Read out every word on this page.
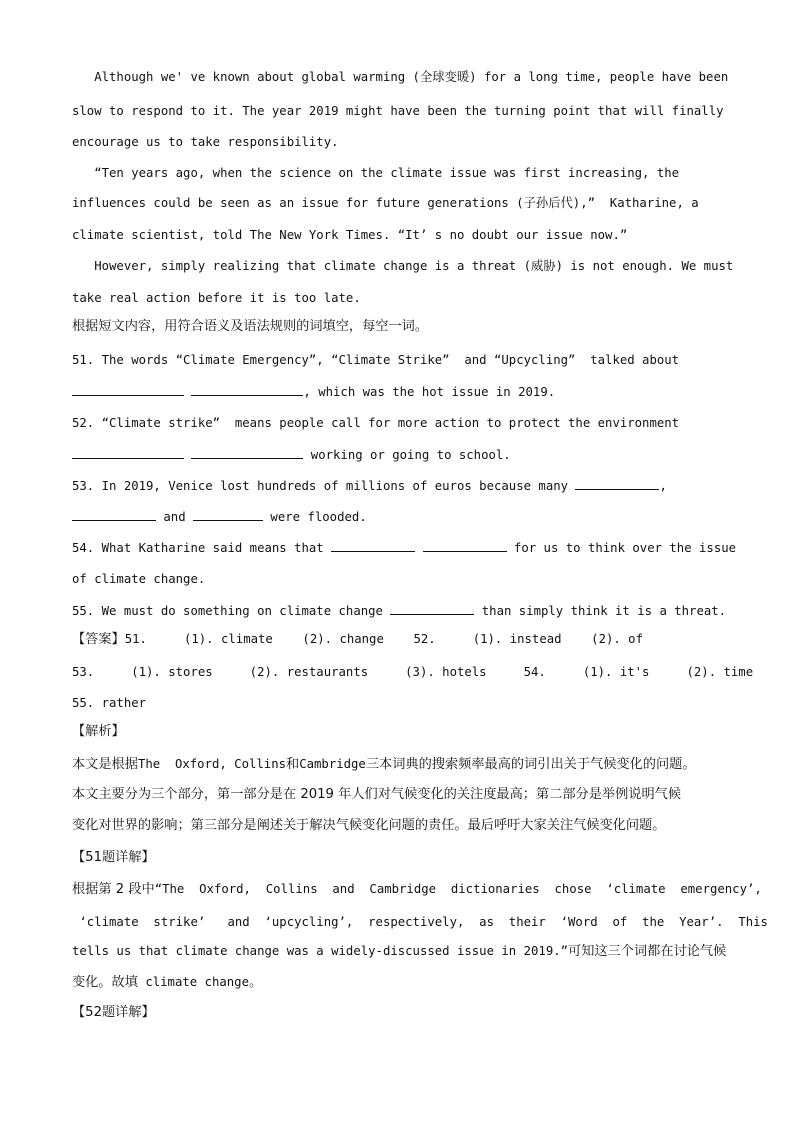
Although we' ve known about global warming (全球变暖) for a long time, people have been
slow to respond to it. The year 2019 might have been the turning point that will finally
encourage us to take responsibility.
“Ten years ago, when the science on the climate issue was first increasing, the
influences could be seen as an issue for future generations (子孙后代),”  Katharine, a
climate scientist, told The New York Times. “It’ s no doubt our issue now.”
However, simply realizing that climate change is a threat (威胁) is not enough. We must
take real action before it is too late.
根据短文内容，用符合语义及语法规则的词填空，每空一词。
51. The words “Climate Emergency”, “Climate Strike”  and “Upcycling”  talked about
, which was the hot issue in 2019.
52. “Climate strike”  means people call for more action to protect the environment
working or going to school.
53. In 2019, Venice lost hundreds of millions of euros because many	,
and	were flooded.
54. What Katharine said means that	for us to think over the issue
of climate change.
55. We must do something on climate change	than simply think it is a threat.
【答案】51.     (1). climate    (2). change    52.     (1). instead    (2). of
53.     (1). stores     (2). restaurants     (3). hotels     54.     (1). it's     (2). time
55. rather
【解析】
本文是根据The  Oxford, Collins和Cambridge三本词典的搜索频率最高的词引出关于气候变化的问题。
本文主要分为三个部分，第一部分是在 2019 年人们对气候变化的关注度最高；第二部分是举例说明气候
变化对世界的影响；第三部分是阐述关于解决气候变化问题的责任。最后呼吁大家关注气候变化问题。
【51题详解】
根据第 2 段中“The  Oxford,  Collins  and  Cambridge  dictionaries  chose  ‘climate  emergency’,
‘climate  strike’   and  ‘upcycling’,  respectively,  as  their  ‘Word  of  the  Year’.  This
tells us that climate change was a widely-discussed issue in 2019.”可知这三个词都在讨论气候
变化。故填 climate change。
【52题详解】
